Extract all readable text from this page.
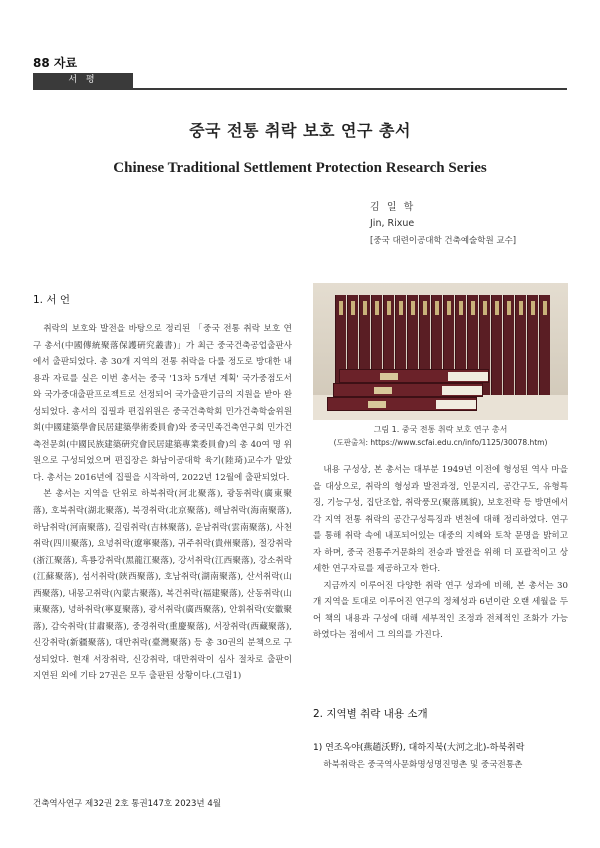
88 자료
서 평
중국 전통 취락 보호 연구 총서
Chinese Traditional Settlement Protection Research Series
김 일 학
Jin, Rixue
[중국 대련이공대학 건축예술학원 교수]
1. 서 언

취락의 보호와 발전을 바탕으로 정리된 「중국 전통 취락 보호 연구 총서(中國傳統聚落保護硏究叢書)」가 최근 중국건축공업출판사에서 출판되었다. 총 30개 지역의 전통 취락을 다룰 정도로 방대한 내용과 자료를 실은 이번 총서는 중국 '13차 5개년 계획' 국가중점도서와 국가중대출판프로젝트로 선정되어 국가출판기금의 지원을 받아 완성되었다. 총서의 집필과 편집위원은 중국건축학회 민가건축학술위원회(中國建築學會民居建築學術委員會)와 중국민족건축연구회 민가건축전문회(中國民族建築硏究會民居建築專業委員會)의 총 40여 명 위원으로 구성되었으며 편집장은 화남이공대학 육기(陸琦)교수가 맡았다. 총서는 2016년에 집필을 시작하여, 2022년 12월에 출판되었다.

본 총서는 지역을 단위로 하북취락(河北聚落), 광동취락(廣東聚落), 호북취락(湖北聚落), 북경취락(北京聚落), 해남취락(海南聚落), 하남취락(河南聚落), 길림취락(吉林聚落), 운남취락(雲南聚落), 사천취락(四川聚落), 요녕취락(遼寧聚落), 귀주취락(貴州聚落), 절강취락(浙江聚落), 흑룡강취락(黑龍江聚落), 강서취락(江西聚落), 강소취락(江蘇聚落), 섬서취락(陝西聚落), 호남취락(湖南聚落), 산서취락(山西聚落), 내몽고취락(內蒙古聚落), 복건취락(福建聚落), 산동취락(山東聚落), 녕하취락(寧夏聚落), 광서취락(廣西聚落), 안휘취락(安徽聚落), 감숙취락(甘肅聚落), 중경취락(重慶聚落), 서장취락(西藏聚落), 신강취락(新疆聚落), 대만취락(臺灣聚落) 등 총 30권의 분책으로 구성되었다. 현재 서장취락, 신강취락, 대만취락이 심사 절차로 출판이 지연된 외에 기타 27권은 모두 출판된 상황이다.(그림1)

그림 1. 중국 전통 취락 보호 연구 총서
(도판출처: https://www.scfai.edu.cn/info/1125/30078.htm)

내용 구성상, 본 총서는 대부분 1949년 이전에 형성된 역사 마을을 대상으로, 취락의 형성과 발전과정, 인문지리, 공간구도, 유형특징, 기능구성, 집단조합, 취락풍모(聚落風貌), 보호전략 등 방면에서 각 지역 전통 취락의 공간구성특징과 변천에 대해 정리하였다. 연구를 통해 취락 속에 내포되어있는 대중의 지혜와 토착 문명을 밝히고자 하며, 중국 전통주거문화의 전승과 발전을 위해 더 포괄적이고 상세한 연구자료를 제공하고자 한다.

지금까지 이루어진 다양한 취락 연구 성과에 비해, 본 총서는 30개 지역을 토대로 이루어진 연구의 정체성과 6년이란 오랜 세월을 두어 책의 내용과 구성에 대해 세부적인 조정과 전체적인 조화가 가능하였다는 점에서 그 의의를 가진다.

2. 지역별 취락 내용 소개
1) 연조옥야(燕趙沃野), 대하지북(大河之北)-하북취락
하북취락은 중국역사문화명성명진명촌 및 중국전통촌
건축역사연구 제32권 2호 통권147호 2023년 4월
